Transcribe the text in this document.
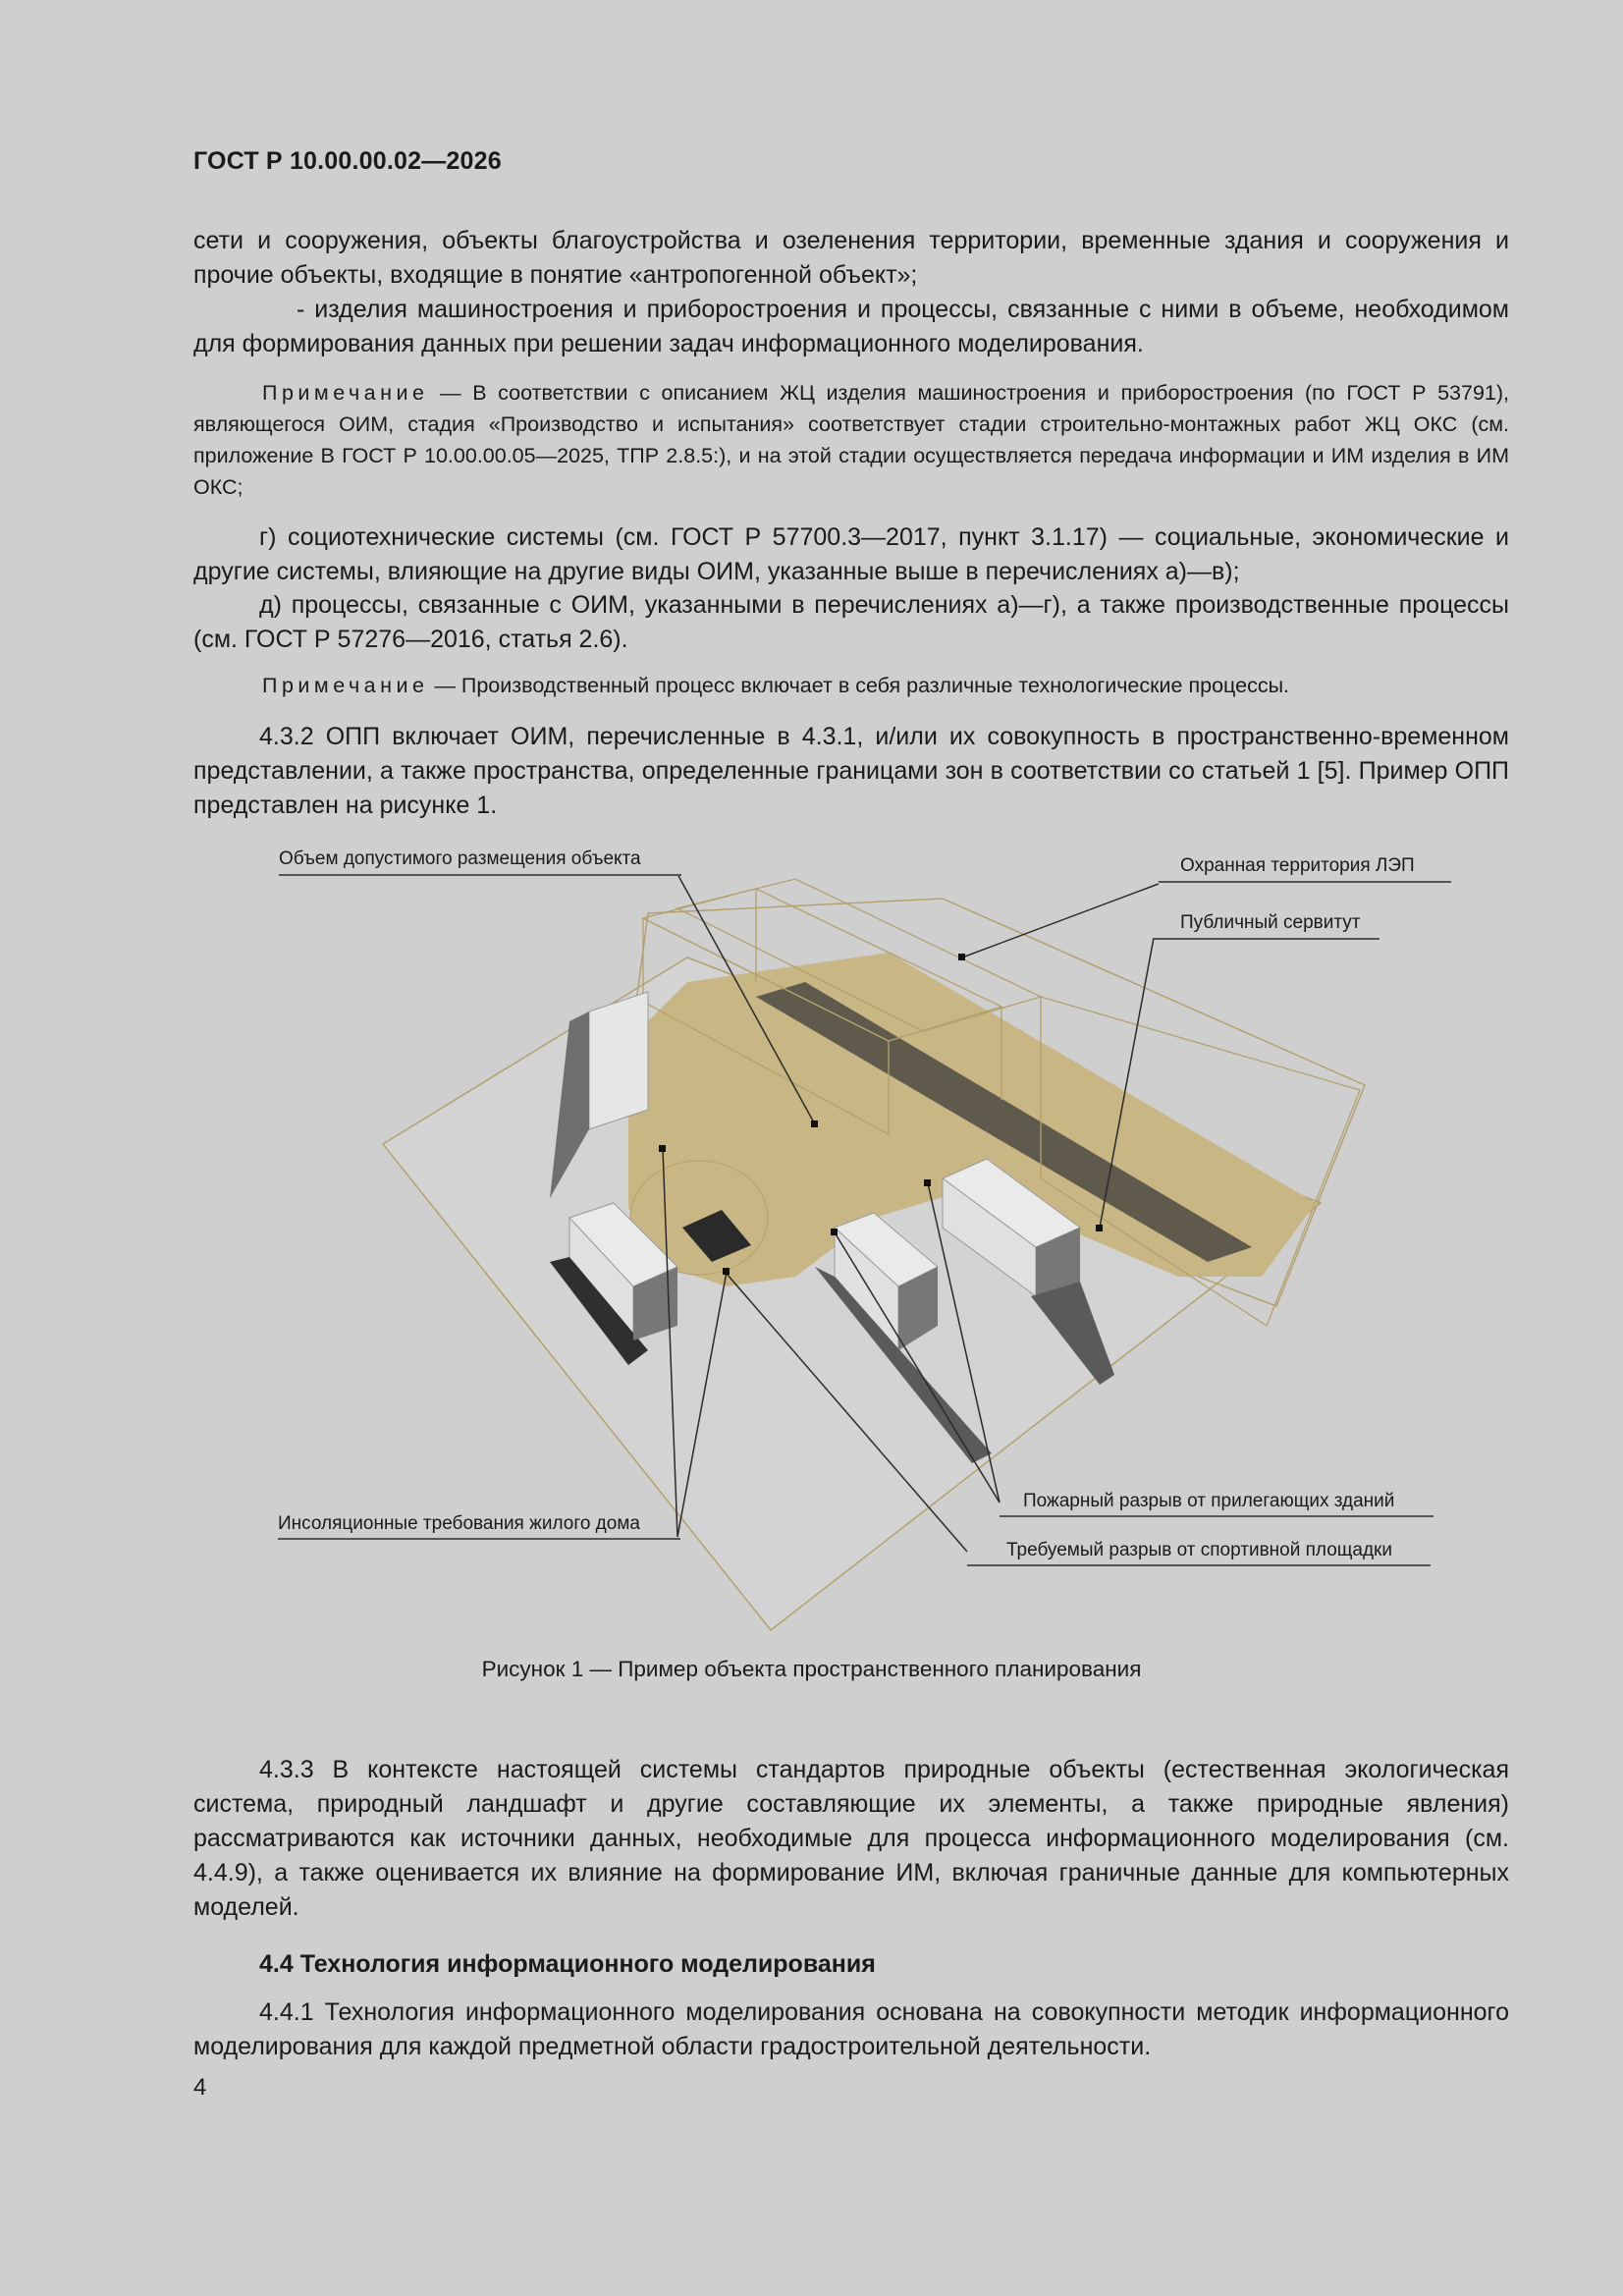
ГОСТ Р 10.00.00.02—2026
сети и сооружения, объекты благоустройства и озеленения территории, временные здания и сооружения и прочие объекты, входящие в понятие «антропогенной объект»;
- изделия машиностроения и приборостроения и процессы, связанные с ними в объеме, необходимом для формирования данных при решении задач информационного моделирования.
Примечание — В соответствии с описанием ЖЦ изделия машиностроения и приборостроения (по ГОСТ Р 53791), являющегося ОИМ, стадия «Производство и испытания» соответствует стадии строительно-монтажных работ ЖЦ ОКС (см. приложение В ГОСТ Р 10.00.00.05—2025, ТПР 2.8.5:), и на этой стадии осуществляется передача информации и ИМ изделия в ИМ ОКС;
г) социотехнические системы (см. ГОСТ Р 57700.3—2017, пункт 3.1.17) — социальные, экономические и другие системы, влияющие на другие виды ОИМ, указанные выше в перечислениях а)—в);
д) процессы, связанные с ОИМ, указанными в перечислениях а)—г), а также производственные процессы (см. ГОСТ Р 57276—2016, статья 2.6).
Примечание — Производственный процесс включает в себя различные технологические процессы.
4.3.2 ОПП включает ОИМ, перечисленные в 4.3.1, и/или их совокупность в пространственно-временном представлении, а также пространства, определенные границами зон в соответствии со статьей 1 [5]. Пример ОПП представлен на рисунке 1.
Объем допустимого размещения объекта	Охранная территория ЛЭП
Публичный сервитут
Инсоляционные требования жилого дома
Пожарный разрыв от прилегающих зданий
Требуемый разрыв от спортивной площадки
Рисунок 1 — Пример объекта пространственного планирования
4.3.3 В контексте настоящей системы стандартов природные объекты (естественная экологическая система, природный ландшафт и другие составляющие их элементы, а также природные явления) рассматриваются как источники данных, необходимые для процесса информационного моделирования (см. 4.4.9), а также оценивается их влияние на формирование ИМ, включая граничные данные для компьютерных моделей.
4.4 Технология информационного моделирования
4.4.1 Технология информационного моделирования основана на совокупности методик информационного моделирования для каждой предметной области градостроительной деятельности.
4
